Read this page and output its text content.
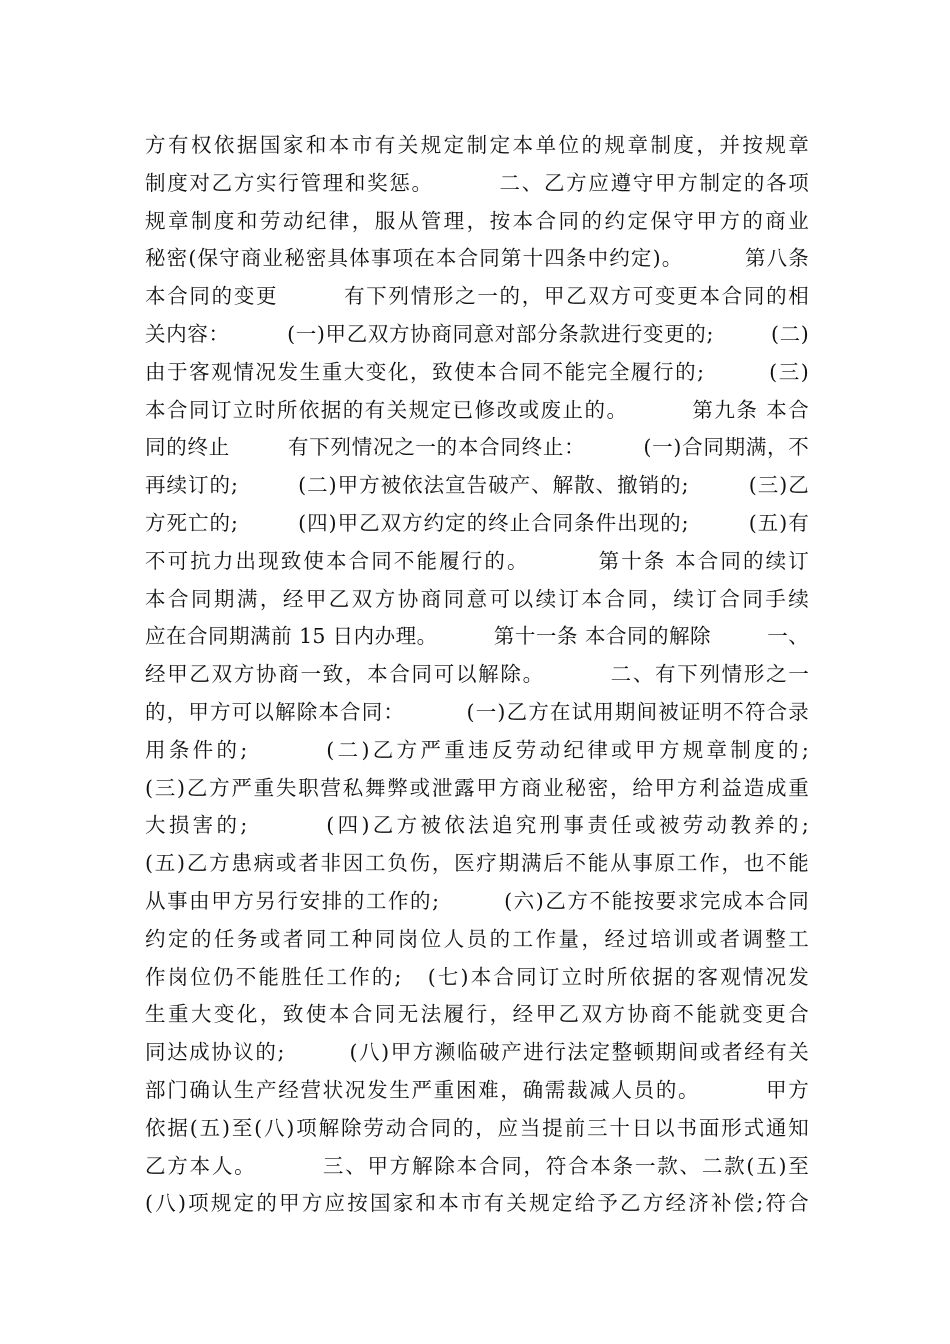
方有权依据国家和本市有关规定制定本单位的规章制度，并按规章
制度对乙方实行管理和奖惩。        二、乙方应遵守甲方制定的各项
规章制度和劳动纪律，服从管理，按本合同的约定保守甲方的商业
秘密(保守商业秘密具体事项在本合同第十四条中约定)。        第八条
本合同的变更        有下列情形之一的，甲乙双方可变更本合同的相
关内容：        (一)甲乙双方协商同意对部分条款进行变更的;        (二)
由于客观情况发生重大变化，致使本合同不能完全履行的;        (三)
本合同订立时所依据的有关规定已修改或废止的。        第九条 本合
同的终止        有下列情况之一的本合同终止：        (一)合同期满，不
再续订的;        (二)甲方被依法宣告破产、解散、撤销的;        (三)乙
方死亡的;        (四)甲乙双方约定的终止合同条件出现的;        (五)有
不可抗力出现致使本合同不能履行的。        第十条 本合同的续订
本合同期满，经甲乙双方协商同意可以续订本合同，续订合同手续
应在合同期满前 15 日内办理。        第十一条 本合同的解除        一、
经甲乙双方协商一致，本合同可以解除。        二、有下列情形之一
的，甲方可以解除本合同：        (一)乙方在试用期间被证明不符合录
用条件的;        (二)乙方严重违反劳动纪律或甲方规章制度的;
(三)乙方严重失职营私舞弊或泄露甲方商业秘密，给甲方利益造成重
大损害的;        (四)乙方被依法追究刑事责任或被劳动教养的;
(五)乙方患病或者非因工负伤，医疗期满后不能从事原工作，也不能
从事由甲方另行安排的工作的;        (六)乙方不能按要求完成本合同
约定的任务或者同工种同岗位人员的工作量，经过培训或者调整工
作岗位仍不能胜任工作的;   (七)本合同订立时所依据的客观情况发
生重大变化，致使本合同无法履行，经甲乙双方协商不能就变更合
同达成协议的;        (八)甲方濒临破产进行法定整顿期间或者经有关
部门确认生产经营状况发生严重困难，确需裁减人员的。        甲方
依据(五)至(八)项解除劳动合同的，应当提前三十日以书面形式通知
乙方本人。        三、甲方解除本合同，符合本条一款、二款(五)至
(八)项规定的甲方应按国家和本市有关规定给予乙方经济补偿;符合
